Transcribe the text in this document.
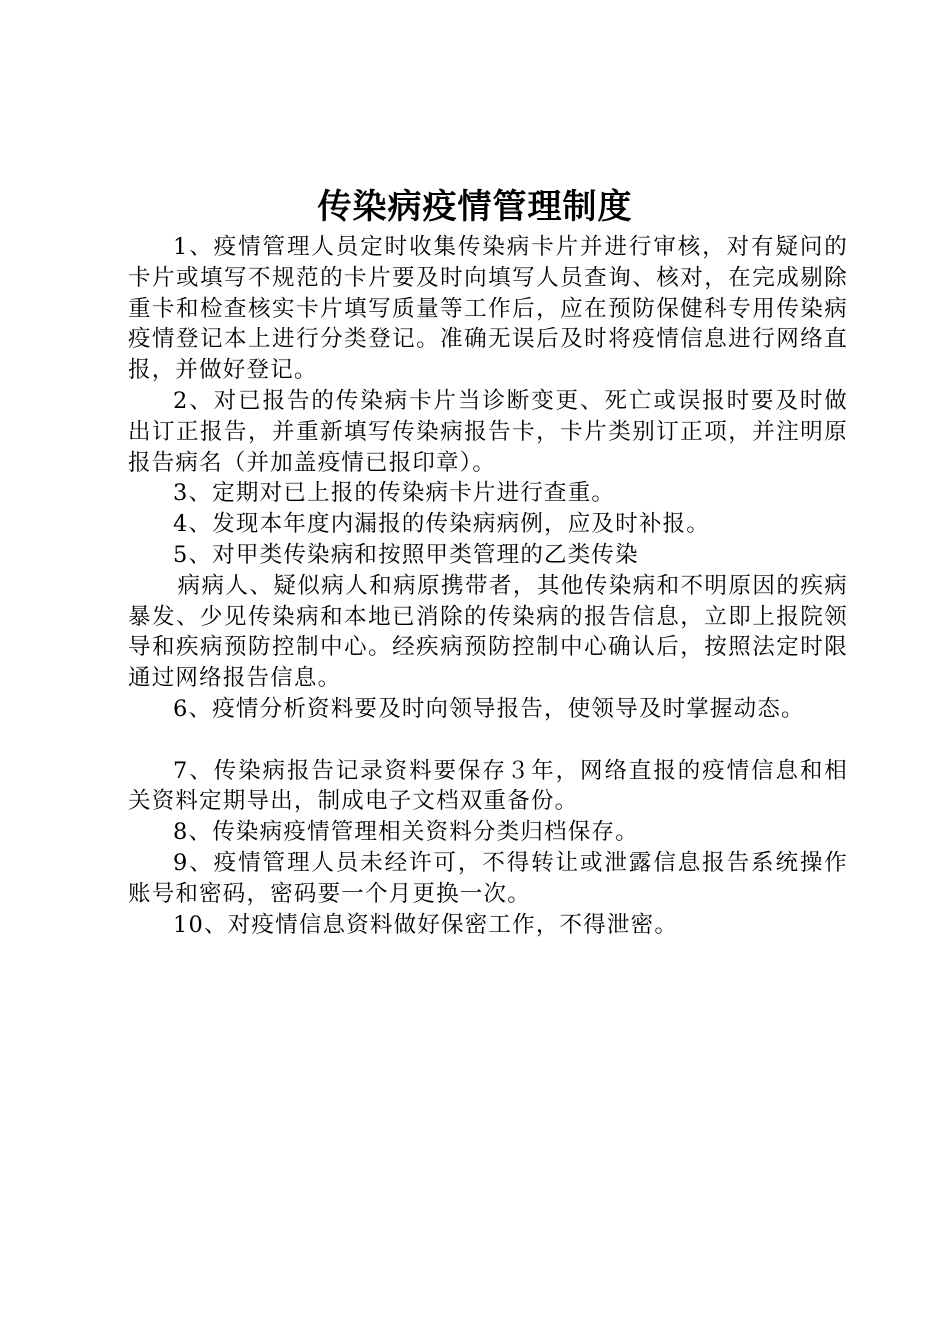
传染病疫情管理制度

1、疫情管理人员定时收集传染病卡片并进行审核，对有疑问的卡片或填写不规范的卡片要及时向填写人员查询、核对，在完成剔除重卡和检查核实卡片填写质量等工作后，应在预防保健科专用传染病疫情登记本上进行分类登记。准确无误后及时将疫情信息进行网络直报，并做好登记。

2、对已报告的传染病卡片当诊断变更、死亡或误报时要及时做出订正报告，并重新填写传染病报告卡，卡片类别订正项，并注明原报告病名（并加盖疫情已报印章）。

3、定期对已上报的传染病卡片进行查重。

4、发现本年度内漏报的传染病病例，应及时补报。

5、对甲类传染病和按照甲类管理的乙类传染

病病人、疑似病人和病原携带者，其他传染病和不明原因的疾病暴发、少见传染病和本地已消除的传染病的报告信息，立即上报院领导和疾病预防控制中心。经疾病预防控制中心确认后，按照法定时限通过网络报告信息。

6、疫情分析资料要及时向领导报告，使领导及时掌握动态。

7、传染病报告记录资料要保存３年，网络直报的疫情信息和相关资料定期导出，制成电子文档双重备份。

8、传染病疫情管理相关资料分类归档保存。

9、疫情管理人员未经许可，不得转让或泄露信息报告系统操作账号和密码，密码要一个月更换一次。

10、对疫情信息资料做好保密工作，不得泄密。
